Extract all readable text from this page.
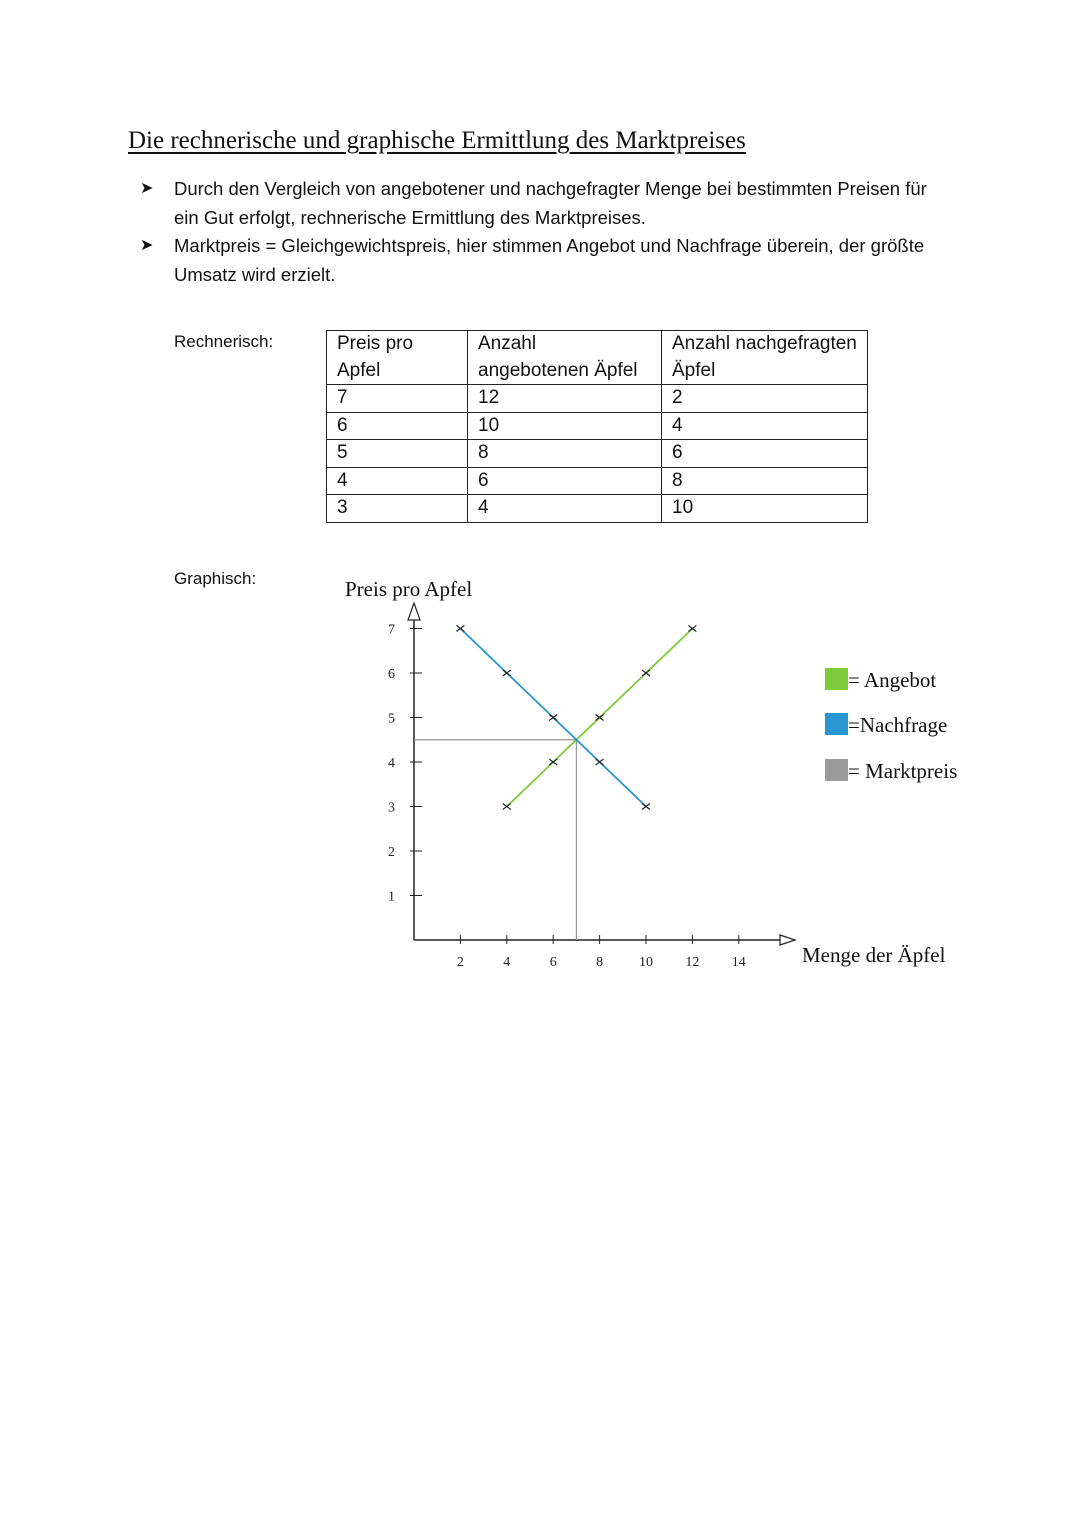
Die rechnerische und graphische Ermittlung des Marktpreises
➤ Durch den Vergleich von angebotener und nachgefragter Menge bei bestimmten Preisen für ein Gut erfolgt, rechnerische Ermittlung des Marktpreises.
➤ Marktpreis = Gleichgewichtspreis, hier stimmen Angebot und Nachfrage überein, der größte Umsatz wird erzielt.
Rechnerisch:	Preis pro Apfel	Anzahl angebotenen Äpfel	Anzahl nachgefragten Äpfel
7	12	2
6	10	4
5	8	6
4	6	8
3	4	10
Graphisch:	Preis pro Apfel
Menge der Äpfel
1
2
3
4
5
6
7
2	4	6	8	10 12 14
= Angebot
=Nachfrage
= Marktpreis
